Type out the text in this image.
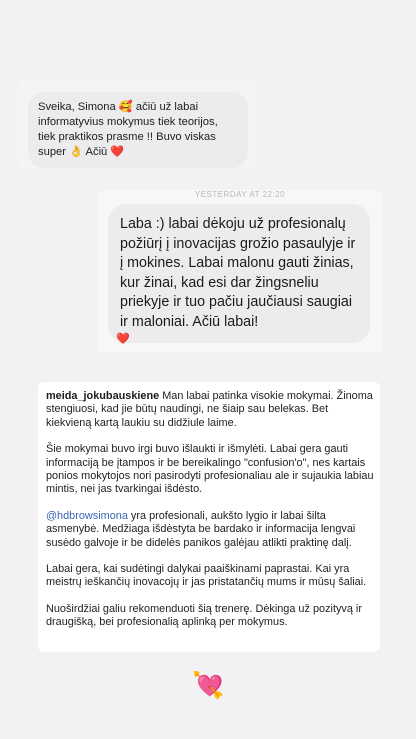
Sveika, Simona 🥰 ačiū už labai informatyvius mokymus tiek teorijos, tiek praktikos prasme !! Buvo viskas super 👌 Ačiū ❤️
YESTERDAY AT 22:20
Laba :) labai dėkoju už profesionalų požiūrį į inovacijas grožio pasaulyje ir į mokines. Labai malonu gauti žinias, kur žinai, kad esi dar žingsneliu priekyje ir tuo pačiu jaučiausi saugiai ir maloniai. Ačiū labai!
❤️

meida_jokubauskiene Man labai patinka visokie mokymai. Žinoma stengiuosi, kad jie būtų naudingi, ne šiaip sau belekas. Bet kiekvieną kartą laukiu su didžiule laime.

Šie mokymai buvo irgi buvo išlaukti ir išmylėti. Labai gera gauti informaciją be įtampos ir be bereikalingo "confusion'o", nes kartais ponios mokytojos nori pasirodyti profesionaliau ale ir sujaukia labiau mintis, nei jas tvarkingai išdėsto.

@hdbrowsimona yra profesionali, aukšto lygio ir labai šilta asmenybė. Medžiaga išdėstyta be bardako ir informacija lengvai susėdo galvoje ir be didelės panikos galėjau atlikti praktinę dalį.

Labai gera, kai sudėtingi dalykai paaiškinami paprastai. Kai yra meistrų ieškančių inovacojų ir jas pristatančių mums ir mūsų šaliai.

Nuoširdžiai galiu rekomenduoti šią trenerę. Dėkinga už pozityvą ir draugišką, bei profesionalią aplinką per mokymus.

💘
